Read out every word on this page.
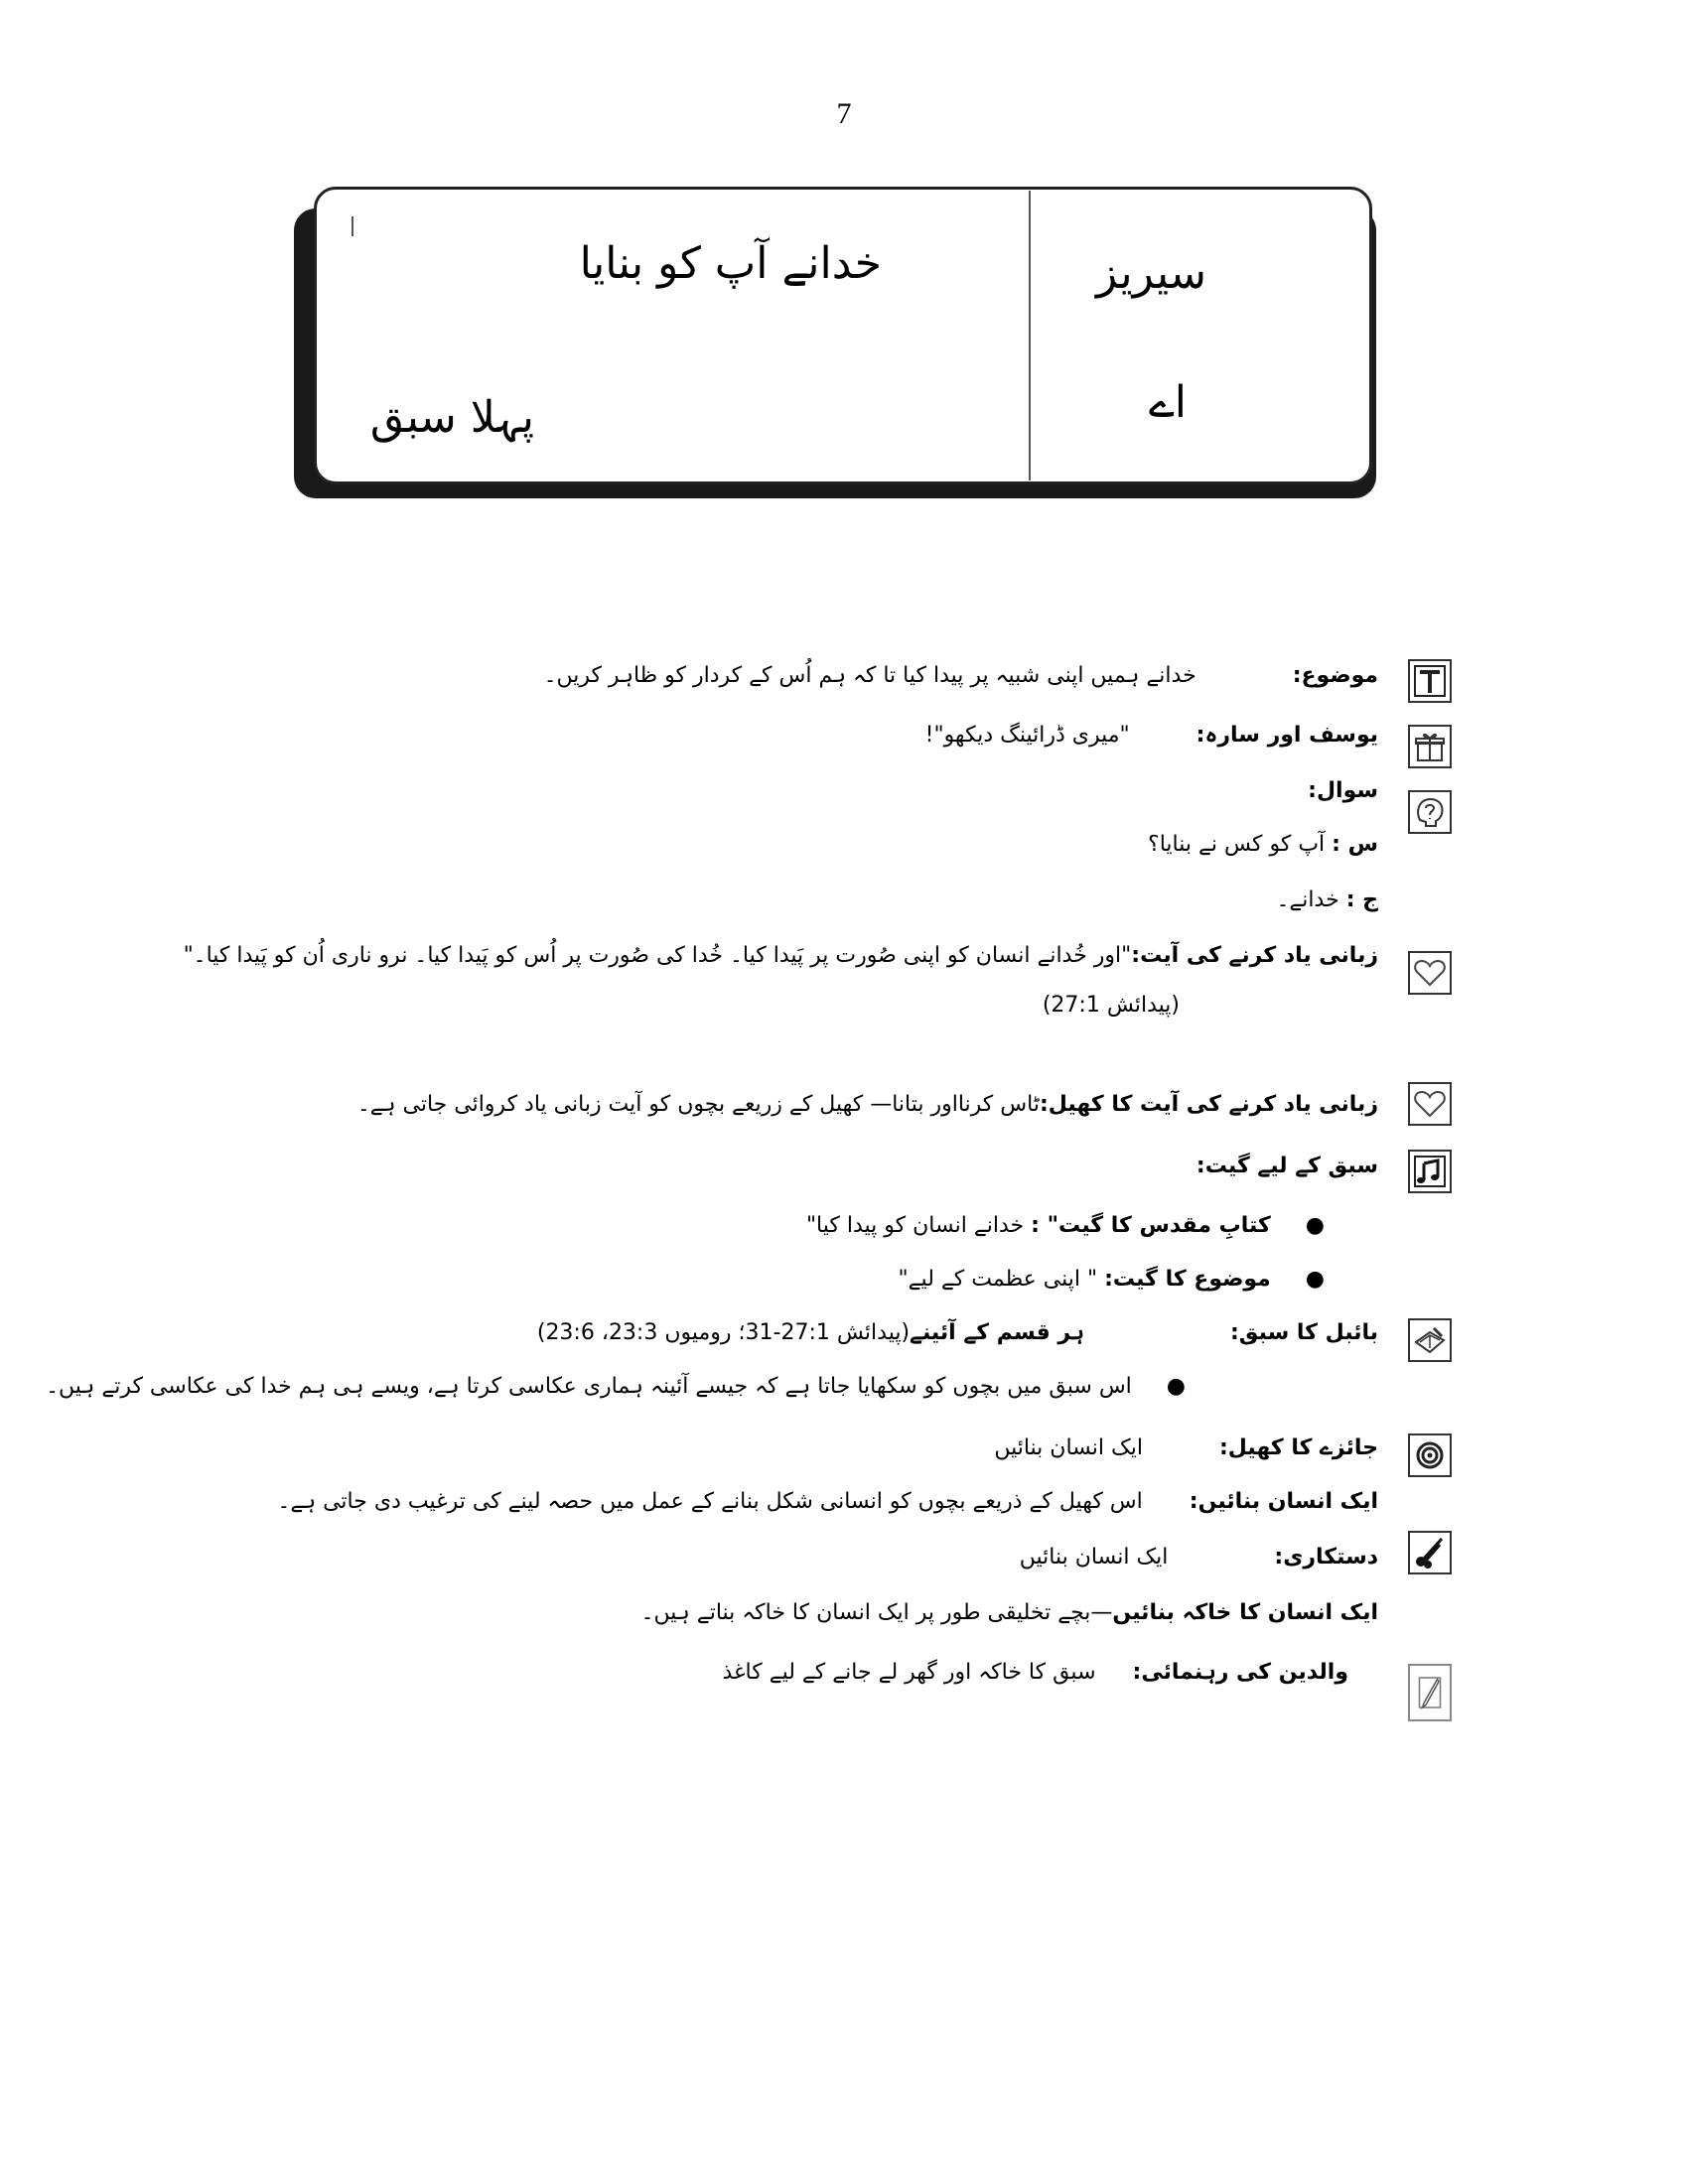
7
خدانے آپ کو بنایا	سیریز
اے
پہلا سبق
موضوع: خدانے ہمیں اپنی شبیہ پر پیدا کیا تا کہ ہم اُس کے کردار کو ظاہر کریں۔
یوسف اور سارہ: "میری ڈرائینگ دیکھو"!
سوال:
س : آپ کو کس نے بنایا؟
ج : خدانے۔
زبانی یاد کرنے کی آیت:"اور خُدانے انسان کو اپنی صُورت پر پَیدا کیا۔ خُدا کی صُورت پر اُس کو پَیدا کیا۔ نرو ناری اُن کو پَیدا کیا۔"
(پیدائش 27:1)
زبانی یاد کرنے کی آیت کا کھیل:ٹاس کرنااور بتانا— کھیل کے زریعے بچوں کو آیت زبانی یاد کروائی جاتی ہے۔
سبق کے لیے گیت:
● کتابِ مقدس کا گیت" : خدانے انسان کو پیدا کیا"
● موضوع کا گیت: " اپنی عظمت کے لیے"
بائبل کا سبق: ہر قسم کے آئینے(پیدائش 27:1-31؛ رومیوں 23:3، 23:6)
● اس سبق میں بچوں کو سکھایا جاتا ہے کہ جیسے آئینہ ہماری عکاسی کرتا ہے، ویسے ہی ہم خدا کی عکاسی کرتے ہیں۔
جائزے کا کھیل: ایک انسان بنائیں
ایک انسان بنائیں: اس کھیل کے ذریعے بچوں کو انسانی شکل بنانے کے عمل میں حصہ لینے کی ترغیب دی جاتی ہے۔
دستکاری: ایک انسان بنائیں
ایک انسان کا خاکہ بنائیں—بچے تخلیقی طور پر ایک انسان کا خاکہ بناتے ہیں۔
والدین کی رہنمائی: سبق کا خاکہ اور گھر لے جانے کے لیے کاغذ
